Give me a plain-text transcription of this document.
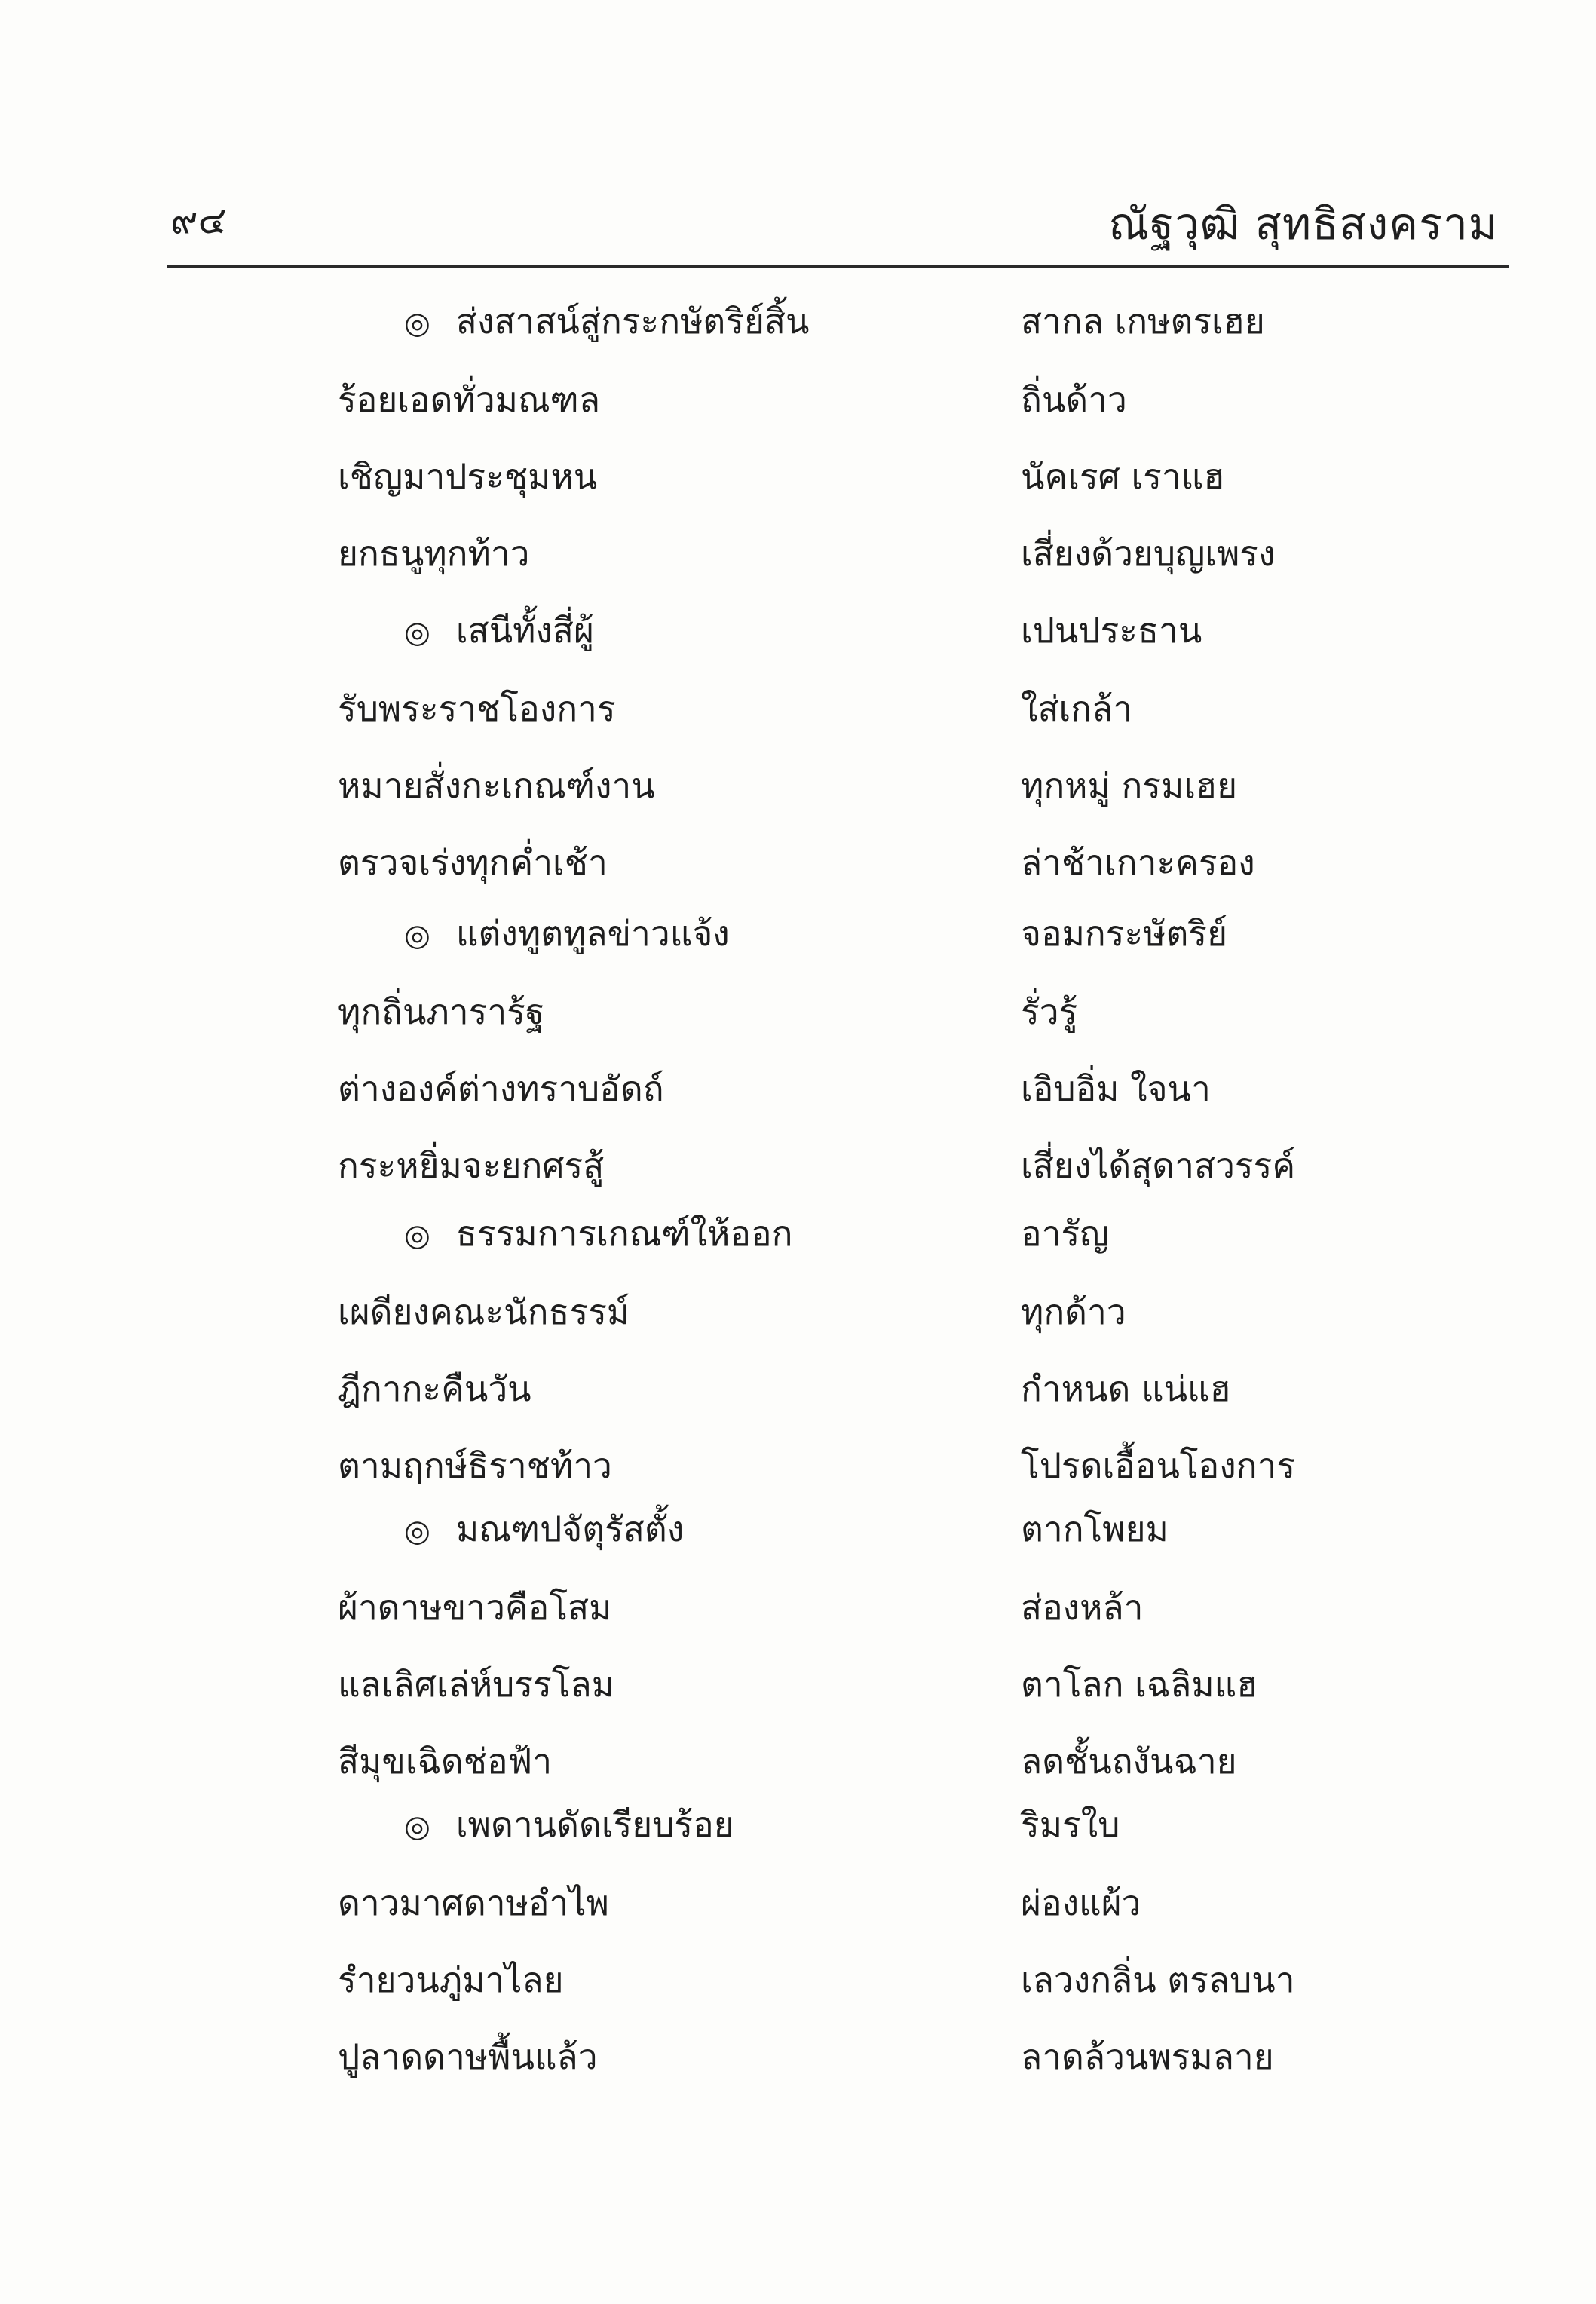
๙๔	ณัฐวุฒิ สุทธิสงคราม
◎ ส่งสาสน์สู่กระกษัตริย์สิ้น
ร้อยเอดทั่วมณฑล
เชิญมาประชุมหน
ยกธนูทุกท้าว
สากล เกษตรเฮย
ถิ่นด้าว
นัคเรศ เราแฮ
เสี่ยงด้วยบุญเพรง
◎ เสนีทั้งสี่ผู้
รับพระราชโองการ
หมายสั่งกะเกณฑ์งาน
ตรวจเร่งทุกค่ำเช้า
เปนประธาน
ใส่เกล้า
ทุกหมู่ กรมเฮย
ล่าช้าเกาะครอง
◎ แต่งทูตทูลข่าวแจ้ง
ทุกถิ่นภาราร้ฐ
ต่างองค์ต่างทราบอัดถ์
กระหยิ่มจะยกศรสู้
จอมกระษัตริย์
รั่วรู้
เอิบอิ่ม ใจนา
เสี่ยงได้สุดาสวรรค์
◎ ธรรมการเกณฑ์ให้ออก
เผดียงคณะนักธรรม์
ฎีกากะคืนวัน
ตามฤกษ์ธิราชท้าว
อารัญ
ทุกด้าว
กำหนด แน่แฮ
โปรดเอื้อนโองการ
◎ มณฑปจัตุรัสตั้ง
ผ้าดาษขาวคือโสม
แลเลิศเล่ห์บรรโลม
สีมุขเฉิดช่อฟ้า
ตากโพยม
ส่องหล้า
ตาโลก เฉลิมแฮ
ลดชั้นถงันฉาย
◎ เพดานดัดเรียบร้อย
ดาวมาศดาษอำไพ
รำยวนภู่มาไลย
ปูลาดดาษพื้นแล้ว
ริมรใบ
ผ่องแผ้ว
เลวงกลิ่น ตรลบนา
ลาดล้วนพรมลาย
